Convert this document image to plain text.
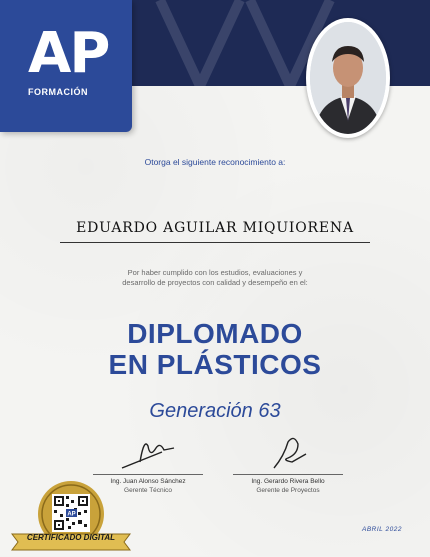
AP
FORMACIÓN
Otorga el siguiente reconocimiento a:
EDUARDO AGUILAR MIQUIORENA
Por haber cumplido con los estudios, evaluaciones y
desarrollo de proyectos con calidad y desempeño en el:
DIPLOMADO
EN PLÁSTICOS
Generación 63
Ing. Juan Alonso Sánchez
Gerente Técnico
Ing. Gerardo Rivera Bello
Gerente de Proyectos
AP
CERTIFICADO DIGITAL
ABRIL 2022
